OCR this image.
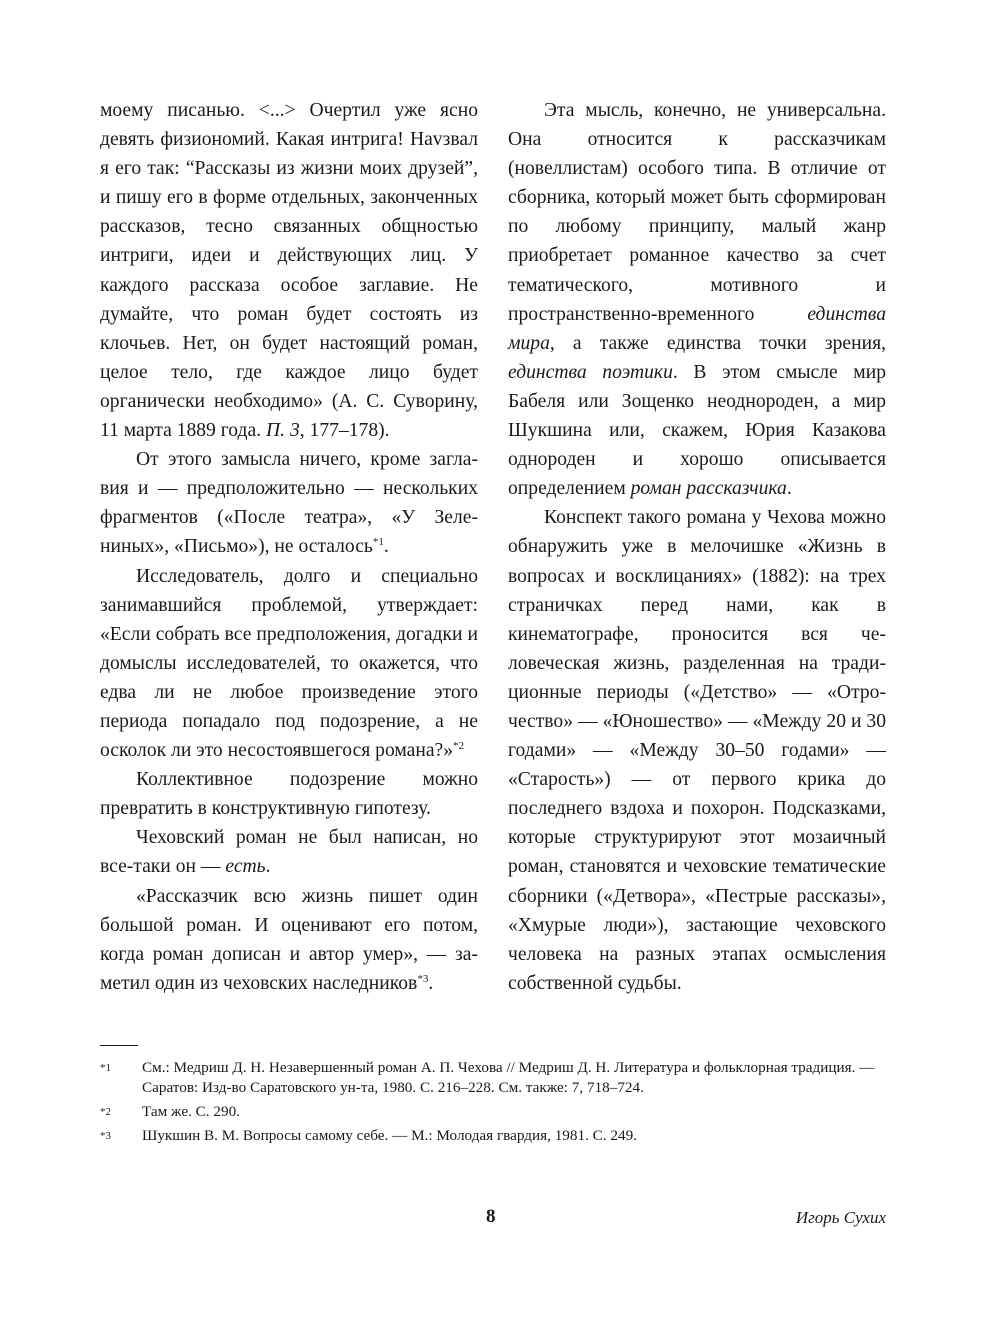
моему писанью. <...> Очертил уже ясно девять физиономий. Какая интрига! Наvзвал я его так: “Рассказы из жизни моих друзей”, и пишу его в форме отдельных, законченных рассказов, тесно связанных общностью интриги, идеи и действующих лиц. У каждого рассказа особое заглавие. Не думайте, что роман будет состоять из клочьев. Нет, он будет настоящий роман, целое тело, где каждое лицо будет органически необходимо» (А. С. Суворину, 11 марта 1889 года. П. 3, 177–178).

От этого замысла ничего, кроме заглавия и — предположительно — нескольких фрагментов («После театра», «У Зелениных», «Письмо»), не осталось$^{*1}$.

Исследователь, долго и специально занимавшийся проблемой, утверждает: «Если собрать все предположения, догадки и домыслы исследователей, то окажется, что едва ли не любое произведение этого периода попадало под подозрение, а не осколок ли это несостоявшегося романа?»$^{*2}$

Коллективное подозрение можно превратить в конструктивную гипотезу.

Чеховский роман не был написан, но все-таки он — есть.

«Рассказчик всю жизнь пишет один большой роман. И оценивают его потом, когда роман дописан и автор умер», — заметил один из чеховских наследников$^{*3}$.

Эта мысль, конечно, не универсальна. Она относится к рассказчикам (новеллистам) особого типа. В отличие от сборника, который может быть сформирован по любому принципу, малый жанр приобретает романное качество за счет тематического, мотивного и пространственно-временного единства мира, а также единства точки зрения, единства поэтики. В этом смысле мир Бабеля или Зощенко неоднороден, а мир Шукшина или, скажем, Юрия Казакова однороден и хорошо описывается определением роман рассказчика.

Конспект такого романа у Чехова можно обнаружить уже в мелочишке «Жизнь в вопросах и восклицаниях» (1882): на трех страничках перед нами, как в кинематографе, проносится вся человеческая жизнь, разделенная на традиционные периоды («Детство» — «Отрочество» — «Юношество» — «Между 20 и 30 годами» — «Между 30–50 годами» — «Старость») — от первого крика до последнего вздоха и похорон. Подсказками, которые структурируют этот мозаичный роман, становятся и чеховские тематические сборники («Детвора», «Пестрые рассказы», «Хмурые люди»), застающие чеховского человека на разных этапах осмысления собственной судьбы.

*1	См.: Медриш Д. Н. Незавершенный роман А. П. Чехова // Медриш Д. Н. Литература и фольклорная традиция. — Саратов: Изд-во Саратовского ун-та, 1980. С. 216–228. См. также: 7, 718–724.
*2	Там же. С. 290.
*3	Шукшин В. М. Вопросы самому себе. — М.: Молодая гвардия, 1981. С. 249.
8	Игорь Сухих
